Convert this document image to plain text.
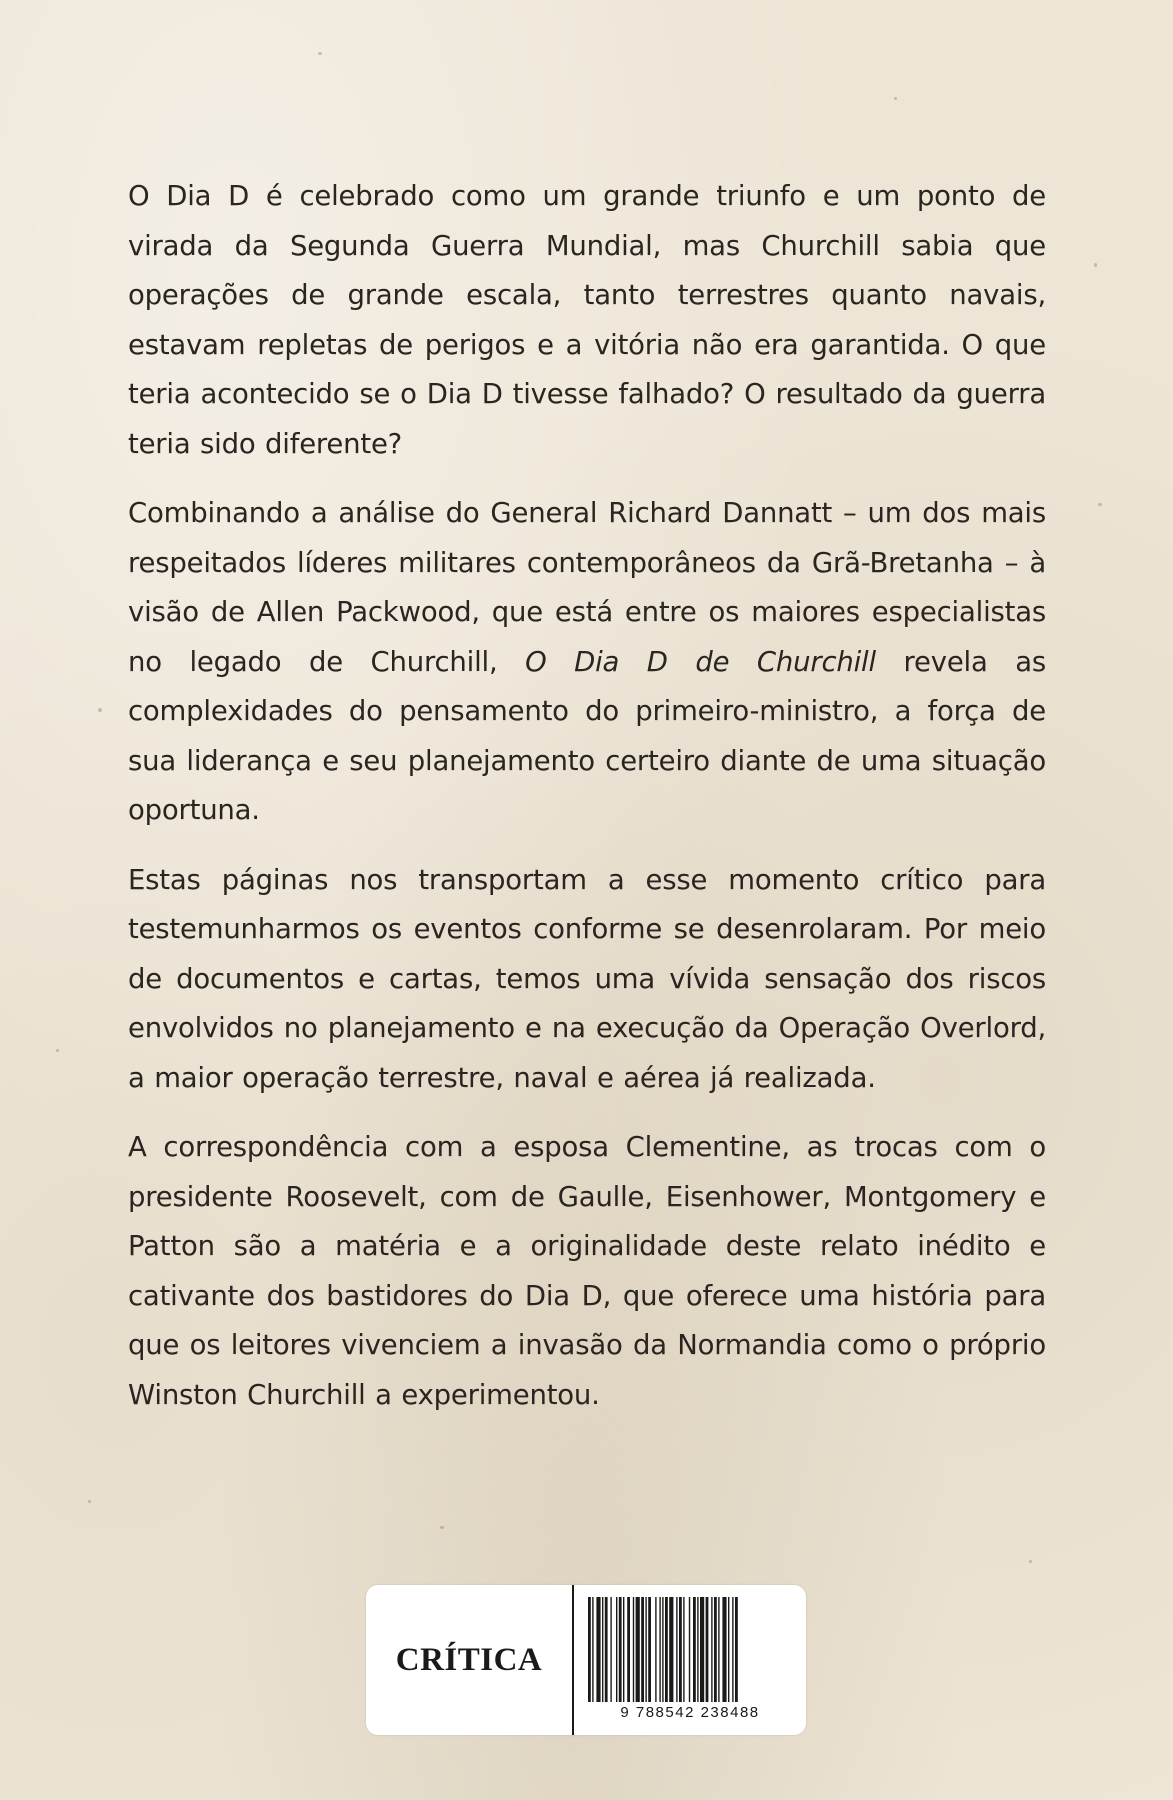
O Dia D é celebrado como um grande triunfo e um ponto de virada da Segunda Guerra Mundial, mas Churchill sabia que operações de grande escala, tanto terrestres quanto navais, estavam repletas de perigos e a vitória não era garantida. O que teria acontecido se o Dia D tivesse falhado? O resultado da guerra teria sido diferente?

Combinando a análise do General Richard Dannatt – um dos mais respeitados líderes militares contemporâneos da Grã-Bretanha – à visão de Allen Packwood, que está entre os maiores especialistas no legado de Churchill, O Dia D de Churchill revela as complexidades do pensamento do primeiro-ministro, a força de sua liderança e seu planejamento certeiro diante de uma situação oportuna.

Estas páginas nos transportam a esse momento crítico para testemunharmos os eventos conforme se desenrolaram. Por meio de documentos e cartas, temos uma vívida sensação dos riscos envolvidos no planejamento e na execução da Operação Overlord, a maior operação terrestre, naval e aérea já realizada.

A correspondência com a esposa Clementine, as trocas com o presidente Roosevelt, com de Gaulle, Eisenhower, Montgomery e Patton são a matéria e a originalidade deste relato inédito e cativante dos bastidores do Dia D, que oferece uma história para que os leitores vivenciem a invasão da Normandia como o próprio Winston Churchill a experimentou.

CRÍTICA
9 788542 238488
